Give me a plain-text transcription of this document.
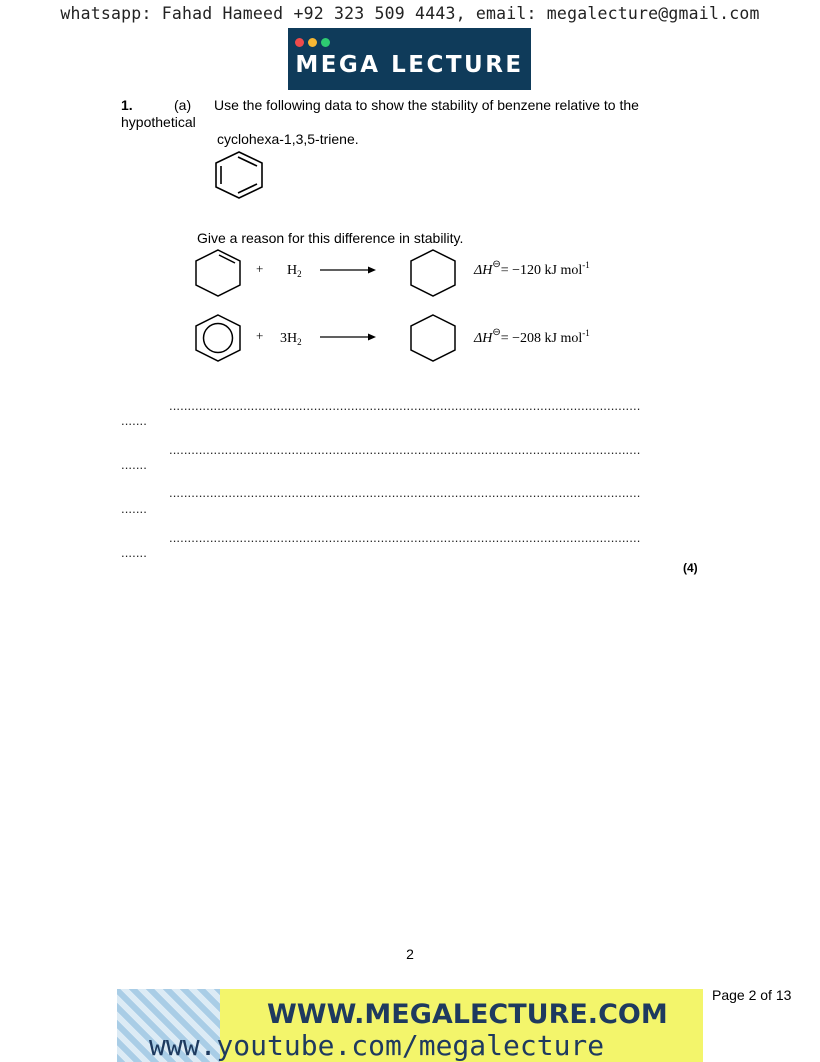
whatsapp: Fahad Hameed +92 323 509 4443, email: megalecture@gmail.com
MEGA LECTURE
1.	(a) Use the following data to show the stability of benzene relative to the
hypothetical
cyclohexa-1,3,5-triene.
Give a reason for this difference in stability.
+ $H_2$	ΔH⊖= −120 kJ mol$^{-1}$
+ $3H_2$	ΔH⊖= −208 kJ mol$^{-1}$
...............................................................................................................................
.......
...............................................................................................................................
.......
...............................................................................................................................
.......
...............................................................................................................................
.......
(4)
2
Page 2 of 13
WWW.MEGALECTURE.COM
www.youtube.com/megalecture
